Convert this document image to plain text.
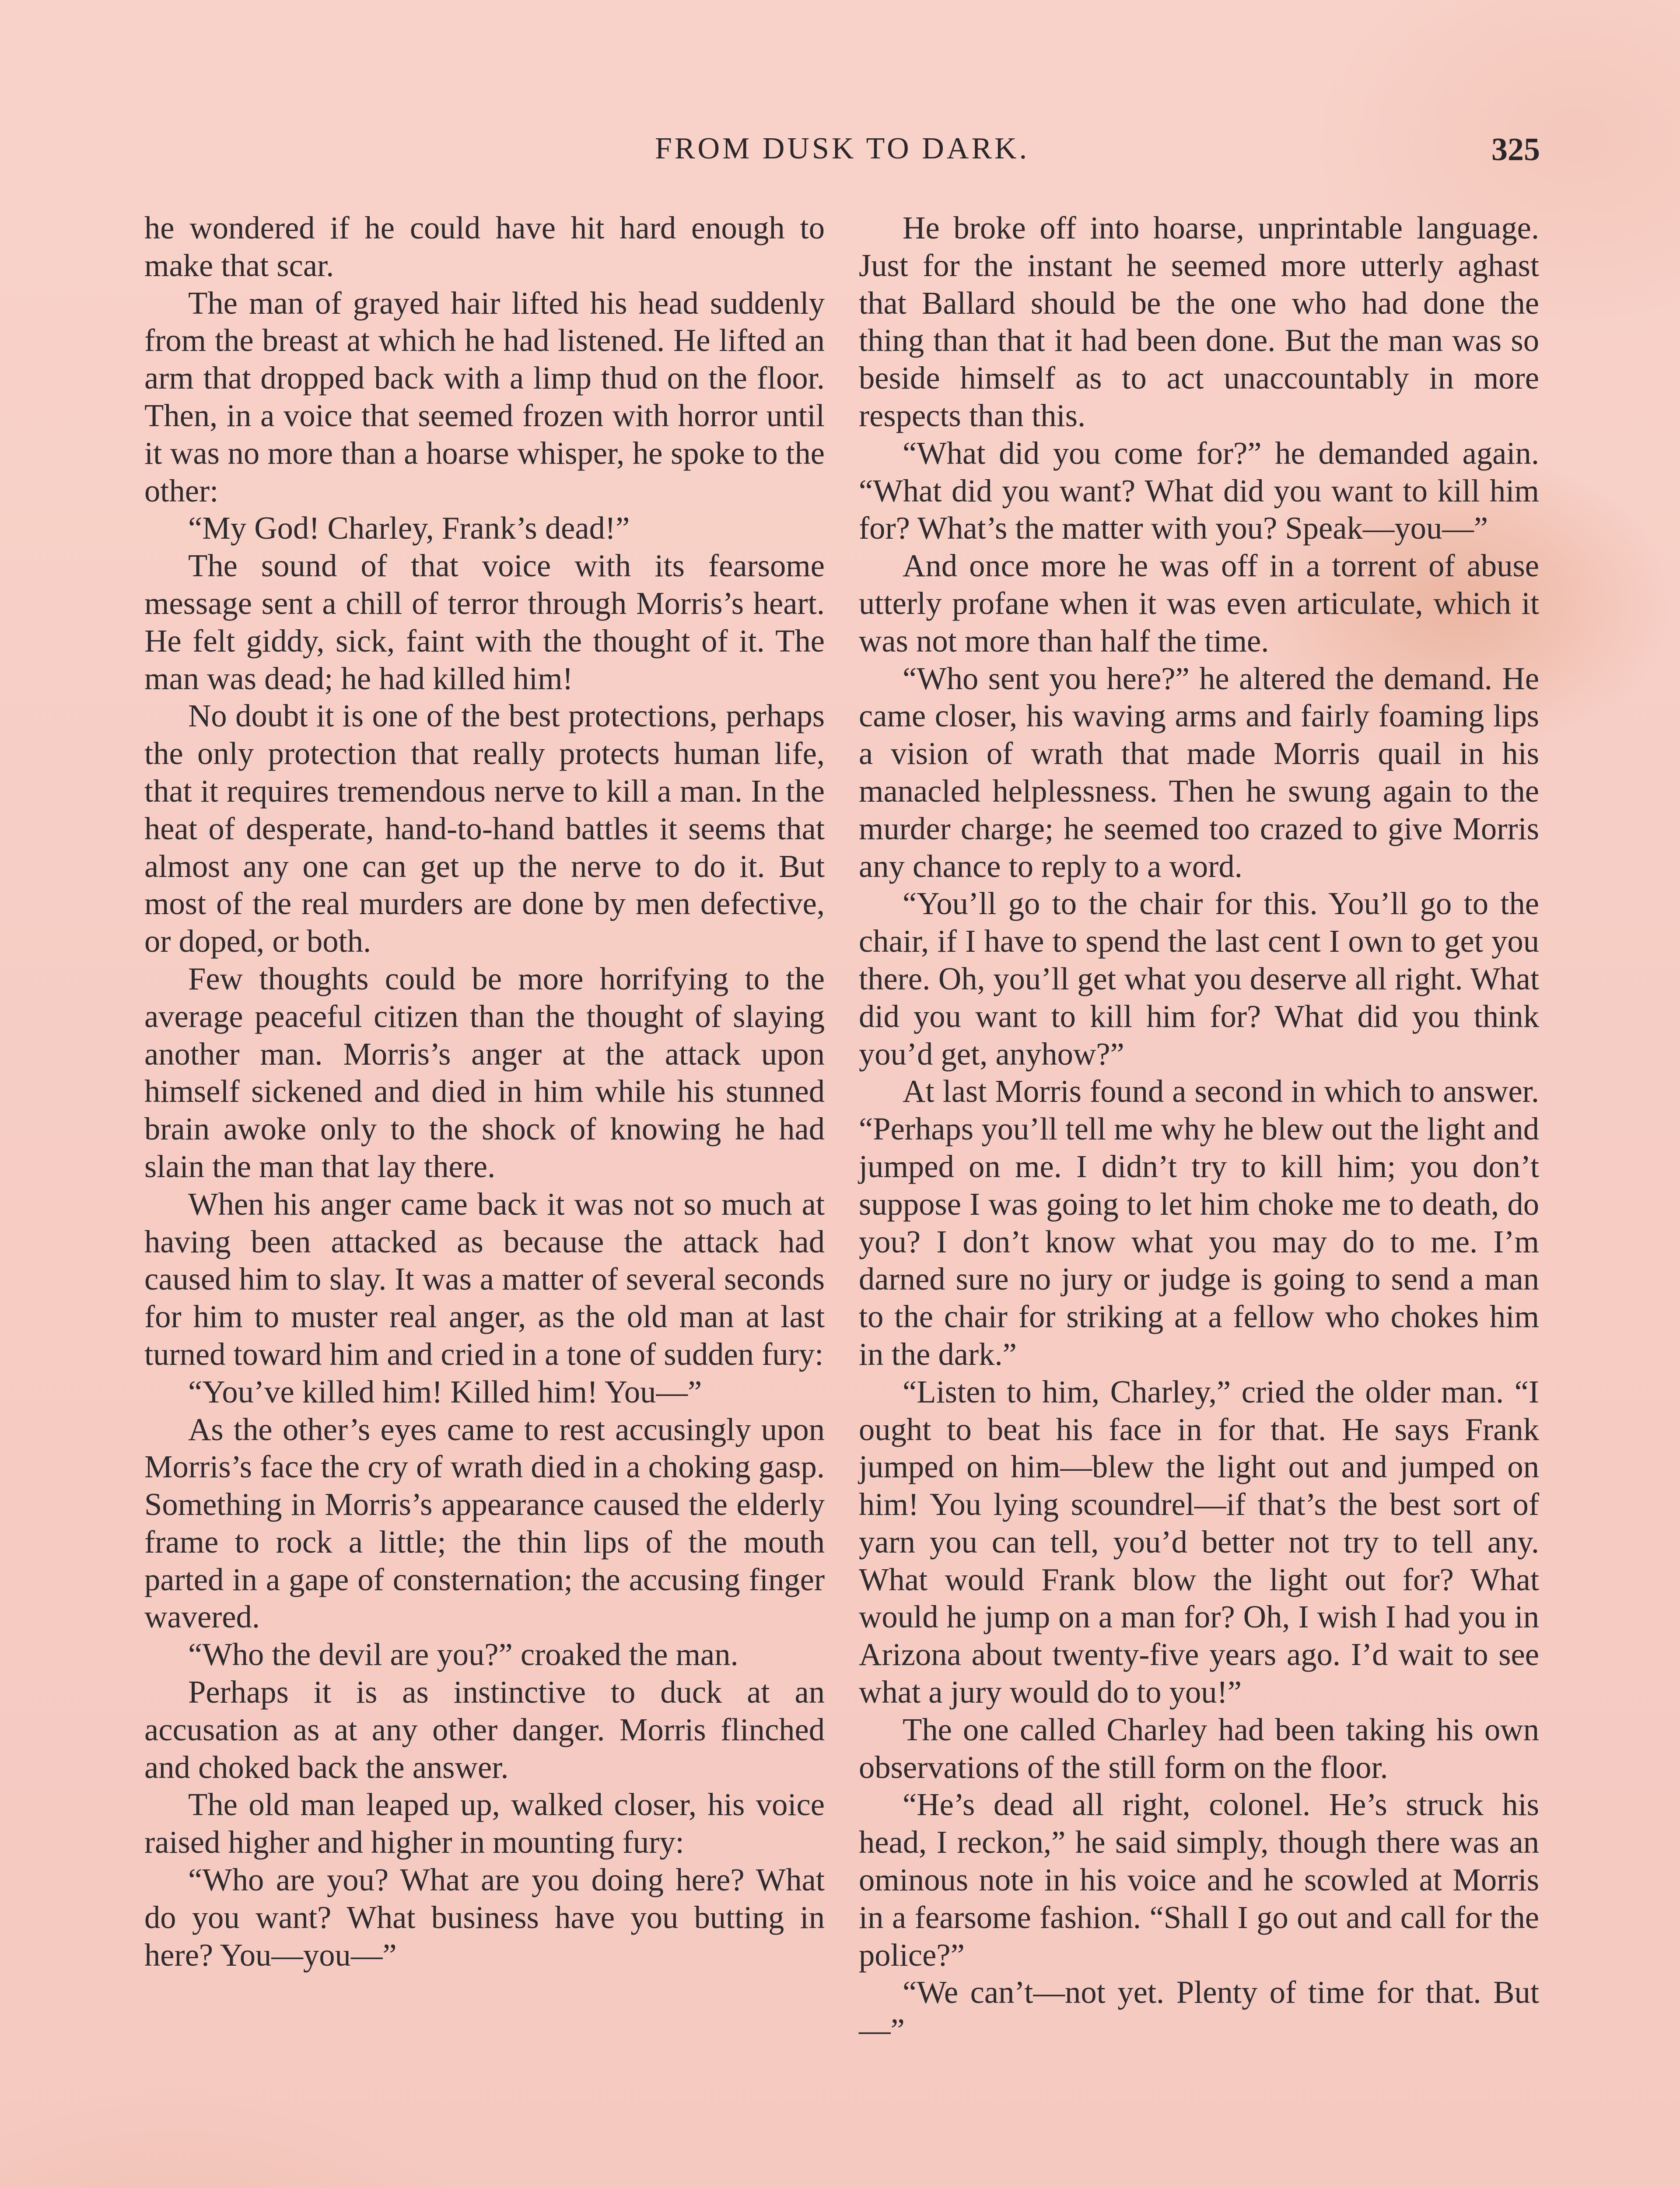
FROM DUSK TO DARK.	325

he wondered if he could have hit hard enough to make that scar.

The man of grayed hair lifted his head suddenly from the breast at which he had listened. He lifted an arm that dropped back with a limp thud on the floor. Then, in a voice that seemed frozen with horror until it was no more than a hoarse whisper, he spoke to the other:

“My God! Charley, Frank’s dead!”

The sound of that voice with its fearsome message sent a chill of terror through Morris’s heart. He felt giddy, sick, faint with the thought of it. The man was dead; he had killed him!

No doubt it is one of the best protections, perhaps the only protection that really protects human life, that it requires tremendous nerve to kill a man. In the heat of desperate, hand-to-hand battles it seems that almost any one can get up the nerve to do it. But most of the real murders are done by men defective, or doped, or both.

Few thoughts could be more horrifying to the average peaceful citizen than the thought of slaying another man. Morris’s anger at the attack upon himself sickened and died in him while his stunned brain awoke only to the shock of knowing he had slain the man that lay there.

When his anger came back it was not so much at having been attacked as because the attack had caused him to slay. It was a matter of several seconds for him to muster real anger, as the old man at last turned toward him and cried in a tone of sudden fury:

“You’ve killed him! Killed him! You—”

As the other’s eyes came to rest accusingly upon Morris’s face the cry of wrath died in a choking gasp. Something in Morris’s appearance caused the elderly frame to rock a little; the thin lips of the mouth parted in a gape of consternation; the accusing finger wavered.

“Who the devil are you?” croaked the man.

Perhaps it is as instinctive to duck at an accusation as at any other danger. Morris flinched and choked back the answer.

The old man leaped up, walked closer, his voice raised higher and higher in mounting fury:

“Who are you? What are you doing here? What do you want? What business have you butting in here? You—you—”

He broke off into hoarse, unprintable language. Just for the instant he seemed more utterly aghast that Ballard should be the one who had done the thing than that it had been done. But the man was so beside himself as to act unaccountably in more respects than this.

“What did you come for?” he demanded again. “What did you want? What did you want to kill him for? What’s the matter with you? Speak—you—”

And once more he was off in a torrent of abuse utterly profane when it was even articulate, which it was not more than half the time.

“Who sent you here?” he altered the demand. He came closer, his waving arms and fairly foaming lips a vision of wrath that made Morris quail in his manacled helplessness. Then he swung again to the murder charge; he seemed too crazed to give Morris any chance to reply to a word.

“You’ll go to the chair for this. You’ll go to the chair, if I have to spend the last cent I own to get you there. Oh, you’ll get what you deserve all right. What did you want to kill him for? What did you think you’d get, anyhow?”

At last Morris found a second in which to answer. “Perhaps you’ll tell me why he blew out the light and jumped on me. I didn’t try to kill him; you don’t suppose I was going to let him choke me to death, do you? I don’t know what you may do to me. I’m darned sure no jury or judge is going to send a man to the chair for striking at a fellow who chokes him in the dark.”

“Listen to him, Charley,” cried the older man. “I ought to beat his face in for that. He says Frank jumped on him—blew the light out and jumped on him! You lying scoundrel—if that’s the best sort of yarn you can tell, you’d better not try to tell any. What would Frank blow the light out for? What would he jump on a man for? Oh, I wish I had you in Arizona about twenty-five years ago. I’d wait to see what a jury would do to you!”

The one called Charley had been taking his own observations of the still form on the floor.

“He’s dead all right, colonel. He’s struck his head, I reckon,” he said simply, though there was an ominous note in his voice and he scowled at Morris in a fearsome fashion. “Shall I go out and call for the police?”

“We can’t—not yet. Plenty of time for that. But—”
